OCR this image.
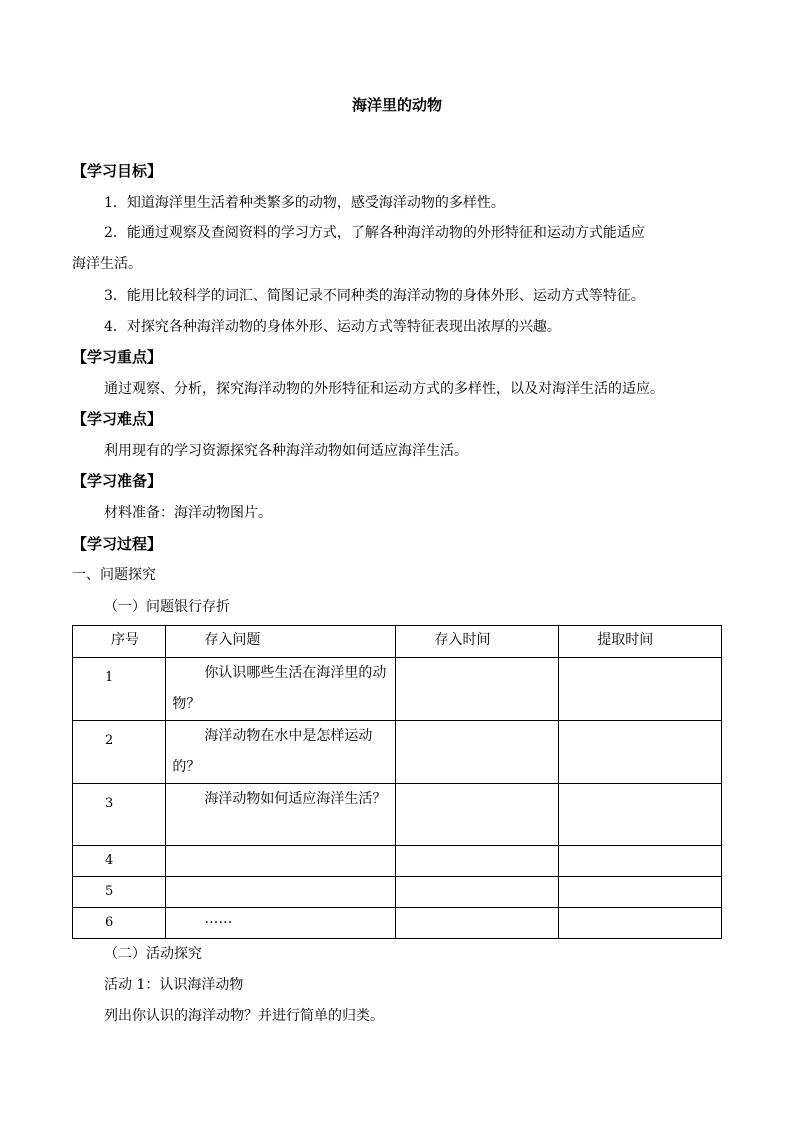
海洋里的动物
【学习目标】
1．知道海洋里生活着种类繁多的动物，感受海洋动物的多样性。
2．能通过观察及查阅资料的学习方式，了解各种海洋动物的外形特征和运动方式能适应
海洋生活。
3．能用比较科学的词汇、简图记录不同种类的海洋动物的身体外形、运动方式等特征。
4．对探究各种海洋动物的身体外形、运动方式等特征表现出浓厚的兴趣。
【学习重点】
通过观察、分析，探究海洋动物的外形特征和运动方式的多样性，以及对海洋生活的适应。
【学习难点】
利用现有的学习资源探究各种海洋动物如何适应海洋生活。
【学习准备】
材料准备：海洋动物图片。
【学习过程】
一、问题探究
（一）问题银行存折
序号	存入问题	存入时间	提取时间

1	你认识哪些生活在海洋里的动物？		

2	海洋动物在水中是怎样运动的？		

3	海洋动物如何适应海洋生活？		

4			

5			

6	……		

（二）活动探究
活动 1：认识海洋动物
列出你认识的海洋动物？并进行简单的归类。
